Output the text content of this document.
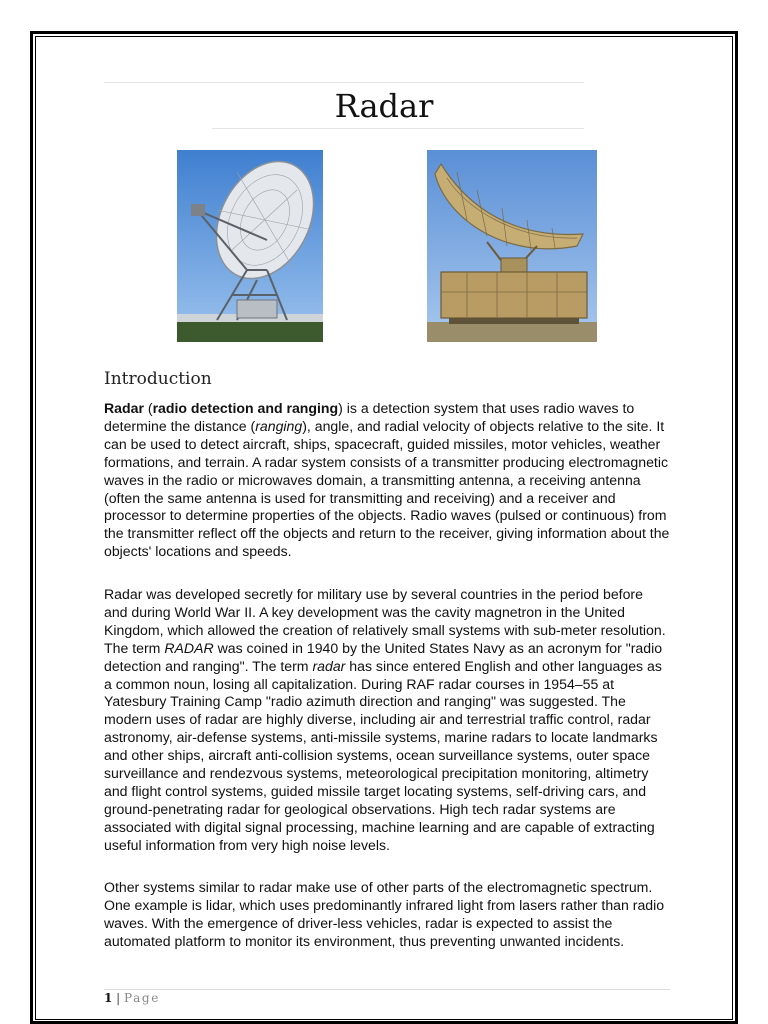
Radar
Introduction

Radar (radio detection and ranging) is a detection system that uses radio waves to determine the distance (ranging), angle, and radial velocity of objects relative to the site. It can be used to detect aircraft, ships, spacecraft, guided missiles, motor vehicles, weather formations, and terrain. A radar system consists of a transmitter producing electromagnetic waves in the radio or microwaves domain, a transmitting antenna, a receiving antenna (often the same antenna is used for transmitting and receiving) and a receiver and processor to determine properties of the objects. Radio waves (pulsed or continuous) from the transmitter reflect off the objects and return to the receiver, giving information about the objects' locations and speeds.

Radar was developed secretly for military use by several countries in the period before and during World War II. A key development was the cavity magnetron in the United Kingdom, which allowed the creation of relatively small systems with sub-meter resolution. The term RADAR was coined in 1940 by the United States Navy as an acronym for "radio detection and ranging". The term radar has since entered English and other languages as a common noun, losing all capitalization. During RAF radar courses in 1954–55 at Yatesbury Training Camp "radio azimuth direction and ranging" was suggested. The modern uses of radar are highly diverse, including air and terrestrial traffic control, radar astronomy, air-defense systems, anti-missile systems, marine radars to locate landmarks and other ships, aircraft anti-collision systems, ocean surveillance systems, outer space surveillance and rendezvous systems, meteorological precipitation monitoring, altimetry and flight control systems, guided missile target locating systems, self-driving cars, and ground-penetrating radar for geological observations. High tech radar systems are associated with digital signal processing, machine learning and are capable of extracting useful information from very high noise levels.

Other systems similar to radar make use of other parts of the electromagnetic spectrum. One example is lidar, which uses predominantly infrared light from lasers rather than radio waves. With the emergence of driver-less vehicles, radar is expected to assist the automated platform to monitor its environment, thus preventing unwanted incidents.

1 | Page
